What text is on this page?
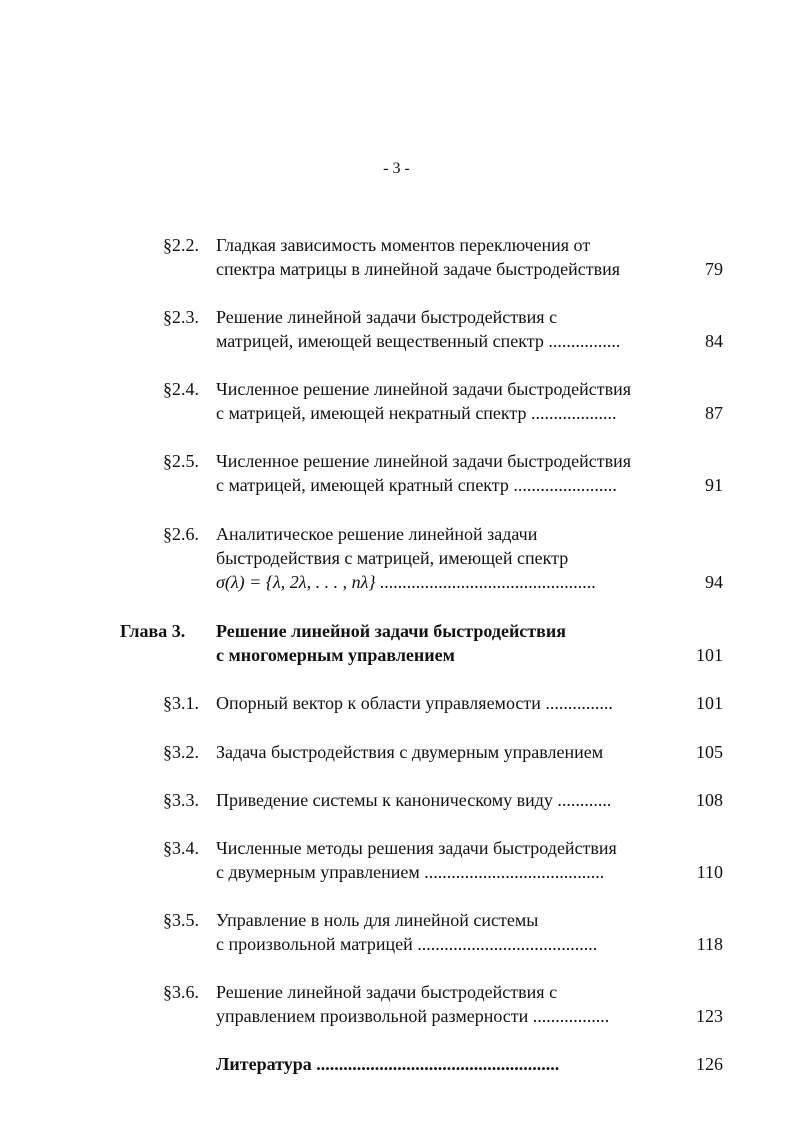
- 3 -
§2.2. Гладкая зависимость моментов переключения от
спектра матрицы в линейной задаче быстродействия	79
§2.3. Решение линейной задачи быстродействия с
матрицей, имеющей вещественный спектр ................	84
§2.4. Численное решение линейной задачи быстродействия
с матрицей, имеющей некратный спектр ...................	87
§2.5. Численное решение линейной задачи быстродействия
с матрицей, имеющей кратный спектр .......................	91
§2.6. Аналитическое решение линейной задачи
быстродействия с матрицей, имеющей спектр
σ(λ) = {λ, 2λ, . . . , nλ} ................................................	94
Глава 3. Решение линейной задачи быстродействия
с многомерным управлением	101
§3.1. Опорный вектор к области управляемости ...............	101
§3.2. Задача быстродействия с двумерным управлением	105
§3.3. Приведение системы к каноническому виду ............	108
§3.4. Численные методы решения задачи быстродействия
с двумерным управлением ........................................	110
§3.5. Управление в ноль для линейной системы
с произвольной матрицей ........................................	118
§3.6. Решение линейной задачи быстродействия с
управлением произвольной размерности .................	123
Литература ......................................................	126
